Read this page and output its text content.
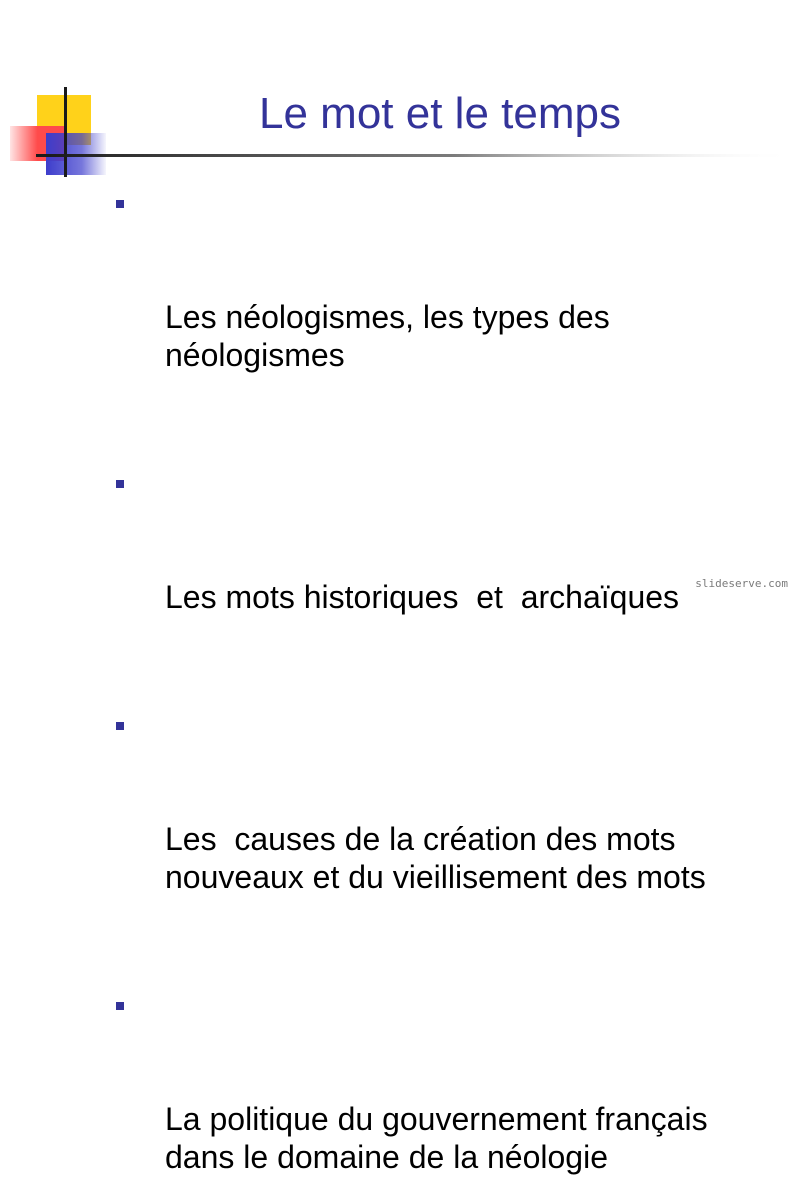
Le mot et le temps

Les néologismes, les types des
néologismes

Les mots historiques  et  archaïques

Les  causes de la création des mots
nouveaux et du vieillisement des mots

La politique du gouvernement français
dans le domaine de la néologie

slideserve.com
